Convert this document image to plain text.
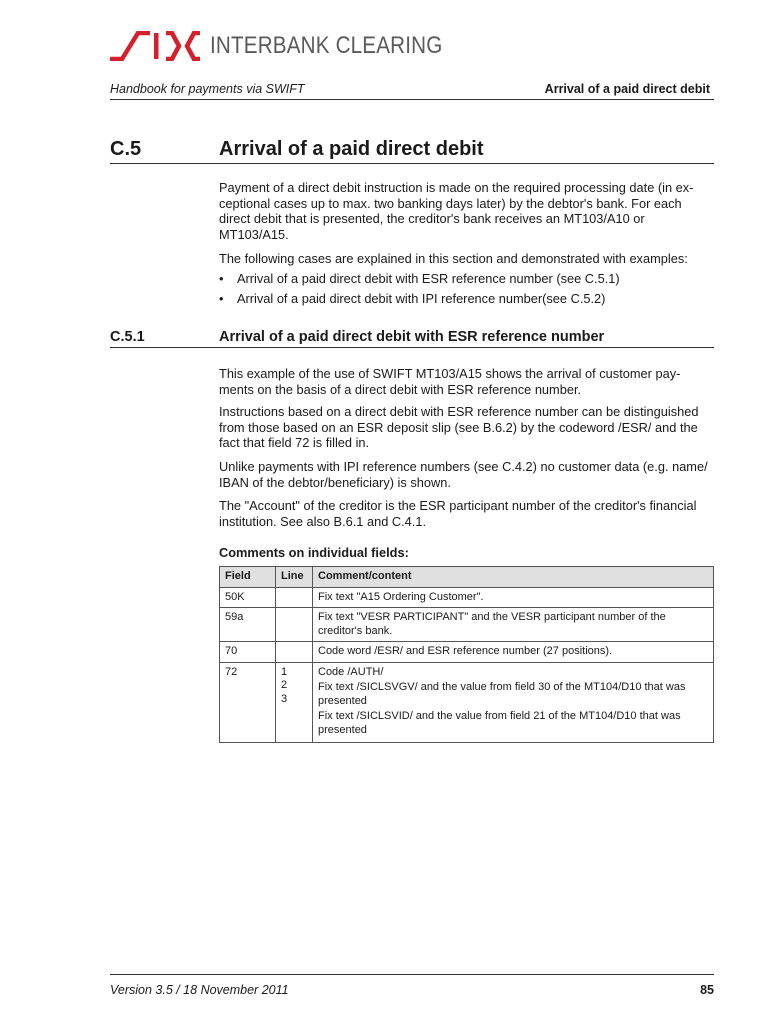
INTERBANK CLEARING
Handbook for payments via SWIFT	Arrival of a paid direct debit
C.5	Arrival of a paid direct debit
Payment of a direct debit instruction is made on the required processing date (in ex-
ceptional cases up to max. two banking days later) by the debtor's bank. For each
direct debit that is presented, the creditor's bank receives an MT103/A10 or
MT103/A15.
The following cases are explained in this section and demonstrated with examples:
• Arrival of a paid direct debit with ESR reference number (see C.5.1)
• Arrival of a paid direct debit with IPI reference number(see C.5.2)
C.5.1	Arrival of a paid direct debit with ESR reference number
This example of the use of SWIFT MT103/A15 shows the arrival of customer pay-
ments on the basis of a direct debit with ESR reference number.
Instructions based on a direct debit with ESR reference number can be distinguished
from those based on an ESR deposit slip (see B.6.2) by the codeword /ESR/ and the
fact that field 72 is filled in.
Unlike payments with IPI reference numbers (see C.4.2) no customer data (e.g. name/
IBAN of the debtor/beneficiary) is shown.
The "Account" of the creditor is the ESR participant number of the creditor's financial
institution. See also B.6.1 and C.4.1.
Comments on individual fields:
Field	Line	Comment/content
50K		Fix text "A15 Ordering Customer".
59a		Fix text "VESR PARTICIPANT" and the VESR participant number of the creditor's bank.
70		Code word /ESR/ and ESR reference number (27 positions).
72	1
2
3	Code /AUTH/
Fix text /SICLSVGV/ and the value from field 30 of the MT104/D10 that was presented
Fix text /SICLSVID/ and the value from field 21 of the MT104/D10 that was presented
Version 3.5 / 18 November 2011	85
